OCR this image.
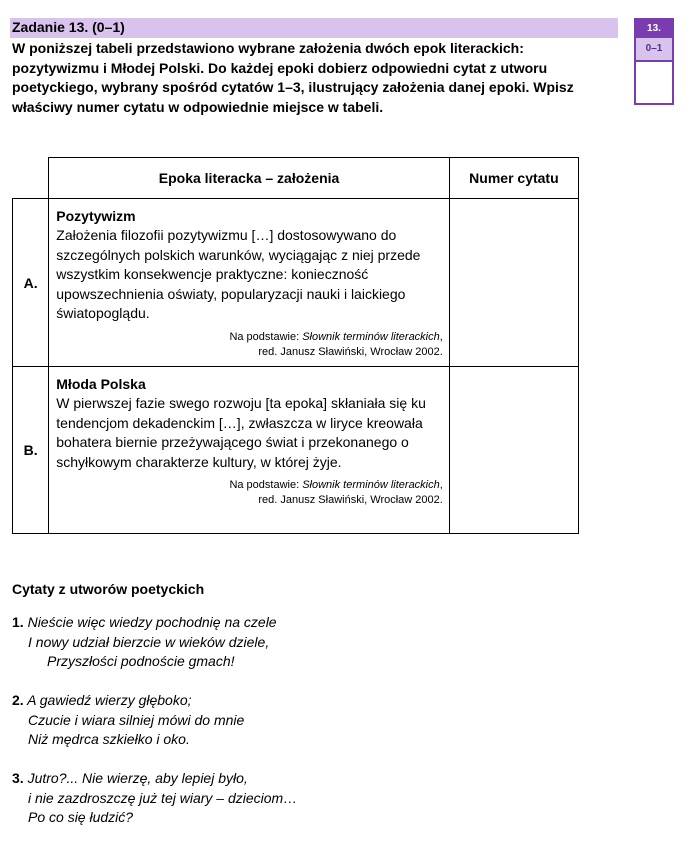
Zadanie 13. (0–1)
W poniższej tabeli przedstawiono wybrane założenia dwóch epok literackich: pozytywizmu i Młodej Polski. Do każdej epoki dobierz odpowiedni cytat z utworu poetyckiego, wybrany spośród cytatów 1–3, ilustrujący założenia danej epoki. Wpisz właściwy numer cytatu w odpowiednie miejsce w tabeli.
13.
0–1
	Epoka literacka – założenia	Numer cytatu
A.	Pozytywizm
Założenia filozofii pozytywizmu […] dostosowywano do szczególnych polskich warunków, wyciągając z niej przede wszystkim konsekwencje praktyczne: konieczność upowszechnienia oświaty, popularyzacji nauki i laickiego światopoglądu.
Na podstawie: Słownik terminów literackich,
red. Janusz Sławiński, Wrocław 2002.	

B.	Młoda Polska
W pierwszej fazie swego rozwoju [ta epoka] skłaniała się ku tendencjom dekadenckim […], zwłaszcza w liryce kreowała bohatera biernie przeżywającego świat i przekonanego o schyłkowym charakterze kultury, w której żyje.
Na podstawie: Słownik terminów literackich,
red. Janusz Sławiński, Wrocław 2002.	

Cytaty z utworów poetyckich
1. Nieście więc wiedzy pochodnię na czele
I nowy udział bierzcie w wieków dziele,
Przyszłości podnoście gmach!
2. A gawiedź wierzy głęboko;
Czucie i wiara silniej mówi do mnie
Niż mędrca szkiełko i oko.
3. Jutro?... Nie wierzę, aby lepiej było,
i nie zazdroszczę już tej wiary – dzieciom…
Po co się łudzić?
